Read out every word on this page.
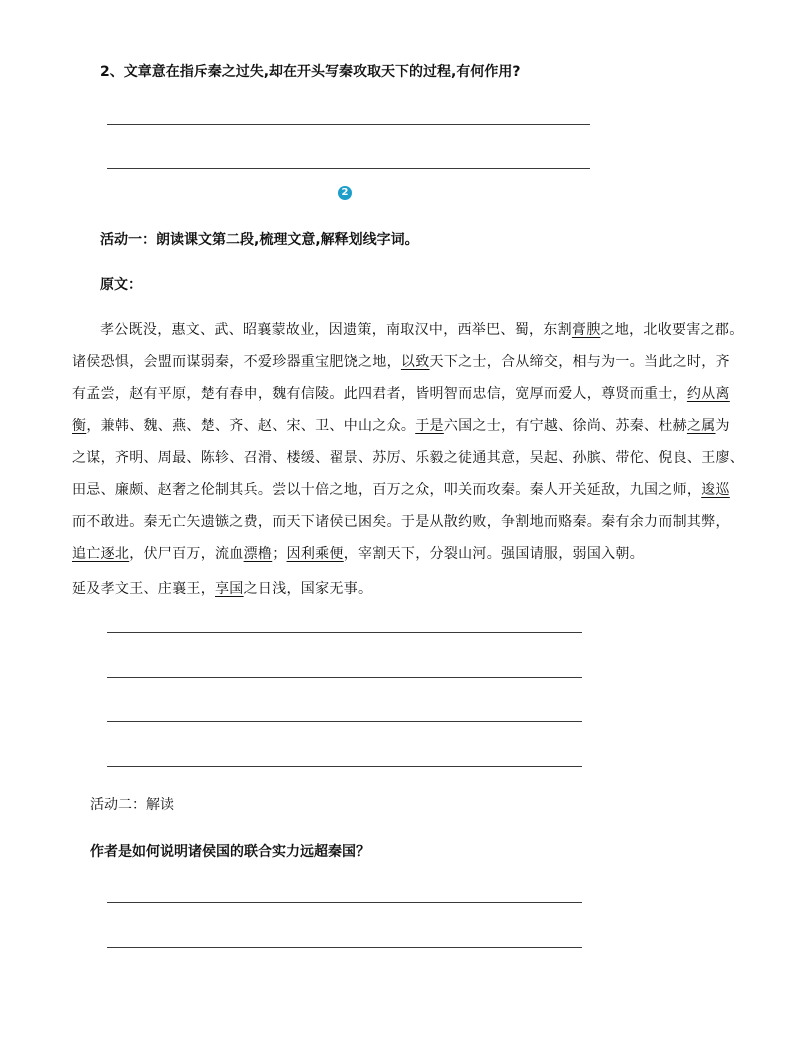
2、文章意在指斥秦之过失,却在开头写秦攻取天下的过程,有何作用?
2
活动一：朗读课文第二段,梳理文意,解释划线字词。
原文：
孝公既没，惠文、武、昭襄蒙故业，因遗策，南取汉中，西举巴、蜀，东割膏腴之地，北收要害之郡。
诸侯恐惧，会盟而谋弱秦，不爱珍器重宝肥饶之地，以致天下之士，合从缔交，相与为一。当此之时，齐
有孟尝，赵有平原，楚有春申，魏有信陵。此四君者，皆明智而忠信，宽厚而爱人，尊贤而重士，约从离
衡，兼韩、魏、燕、楚、齐、赵、宋、卫、中山之众。于是六国之士，有宁越、徐尚、苏秦、杜赫之属为
之谋，齐明、周最、陈轸、召滑、楼缓、翟景、苏厉、乐毅之徒通其意，吴起、孙膑、带佗、倪良、王廖、
田忌、廉颇、赵奢之伦制其兵。尝以十倍之地，百万之众，叩关而攻秦。秦人开关延敌，九国之师，逡巡
而不敢进。秦无亡矢遗镞之费，而天下诸侯已困矣。于是从散约败，争割地而赂秦。秦有余力而制其弊，
追亡逐北，伏尸百万，流血漂橹；因利乘便，宰割天下，分裂山河。强国请服，弱国入朝。
延及孝文王、庄襄王，享国之日浅，国家无事。
活动二：解读
作者是如何说明诸侯国的联合实力远超秦国？
